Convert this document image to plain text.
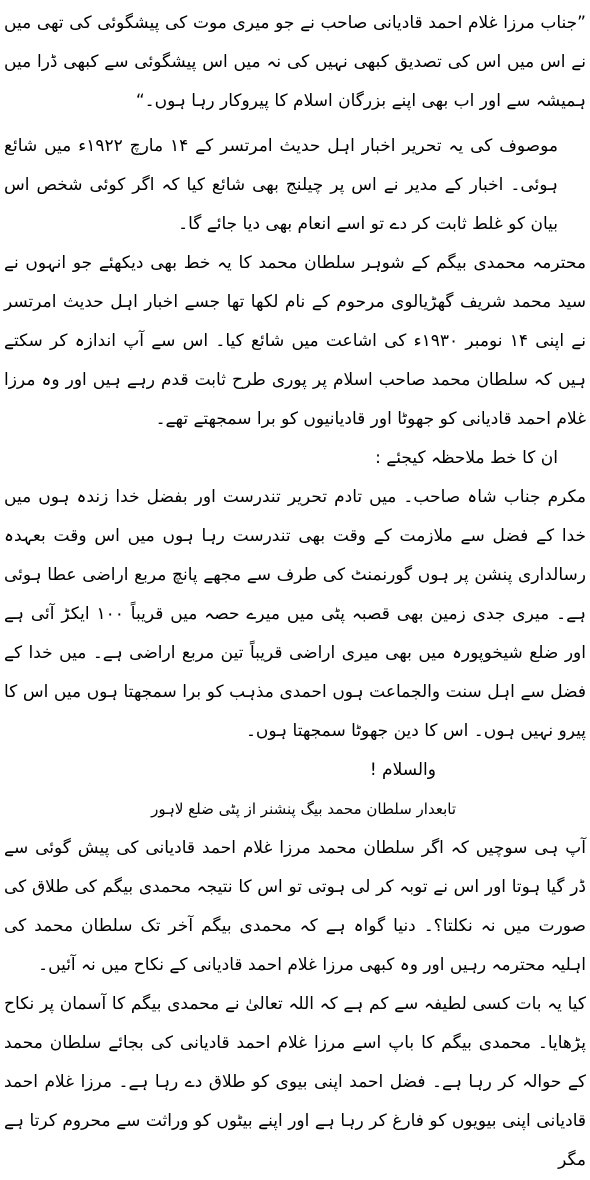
”جناب مرزا غلام احمد قادیانی صاحب نے جو میری موت کی پیشگوئی کی تھی میں نے اس میں اس کی تصدیق کبھی نہیں کی نہ میں اس پیشگوئی سے کبھی ڈرا میں ہمیشہ سے اور اب بھی اپنے بزرگان اسلام کا پیروکار رہا ہوں۔“

موصوف کی یہ تحریر اخبار اہل حدیث امرتسر کے ۱۴ مارچ ۱۹۲۲ء میں شائع ہوئی۔ اخبار کے مدیر نے اس پر چیلنج بھی شائع کیا کہ اگر کوئی شخص اس بیان کو غلط ثابت کر دے تو اسے انعام بھی دیا جائے گا۔

محترمہ محمدی بیگم کے شوہر سلطان محمد کا یہ خط بھی دیکھئے جو انہوں نے سید محمد شریف گھڑیالوی مرحوم کے نام لکھا تھا جسے اخبار اہل حدیث امرتسر نے اپنی ۱۴ نومبر ۱۹۳۰ء کی اشاعت میں شائع کیا۔ اس سے آپ اندازہ کر سکتے ہیں کہ سلطان محمد صاحب اسلام پر پوری طرح ثابت قدم رہے ہیں اور وہ مرزا غلام احمد قادیانی کو جھوٹا اور قادیانیوں کو برا سمجھتے تھے۔

ان کا خط ملاحظہ کیجئے :

مکرم جناب شاہ صاحب۔ میں تادم تحریر تندرست اور بفضل خدا زندہ ہوں میں خدا کے فضل سے ملازمت کے وقت بھی تندرست رہا ہوں میں اس وقت بعہدہ رسالداری پنشن پر ہوں گورنمنٹ کی طرف سے مجھے پانچ مربع اراضی عطا ہوئی ہے۔ میری جدی زمین بھی قصبہ پٹی میں میرے حصہ میں قریباً ۱۰۰ ایکڑ آئی ہے اور ضلع شیخوپورہ میں بھی میری اراضی قریباً تین مربع اراضی ہے۔ میں خدا کے فضل سے اہل سنت والجماعت ہوں احمدی مذہب کو برا سمجھتا ہوں میں اس کا پیرو نہیں ہوں۔ اس کا دین جھوٹا سمجھتا ہوں۔

والسلام !

تابعدار سلطان محمد بیگ پنشنر از پٹی ضلع لاہور

آپ ہی سوچیں کہ اگر سلطان محمد مرزا غلام احمد قادیانی کی پیش گوئی سے ڈر گیا ہوتا اور اس نے توبہ کر لی ہوتی تو اس کا نتیجہ محمدی بیگم کی طلاق کی صورت میں نہ نکلتا؟۔ دنیا گواہ ہے کہ محمدی بیگم آخر تک سلطان محمد کی اہلیہ محترمہ رہیں اور وہ کبھی مرزا غلام احمد قادیانی کے نکاح میں نہ آئیں۔

کیا یہ بات کسی لطیفہ سے کم ہے کہ اللہ تعالیٰ نے محمدی بیگم کا آسمان پر نکاح پڑھایا۔ محمدی بیگم کا باپ اسے مرزا غلام احمد قادیانی کی بجائے سلطان محمد کے حوالہ کر رہا ہے۔ فضل احمد اپنی بیوی کو طلاق دے رہا ہے۔ مرزا غلام احمد قادیانی اپنی بیویوں کو فارغ کر رہا ہے اور اپنے بیٹوں کو وراثت سے محروم کرتا ہے مگر
